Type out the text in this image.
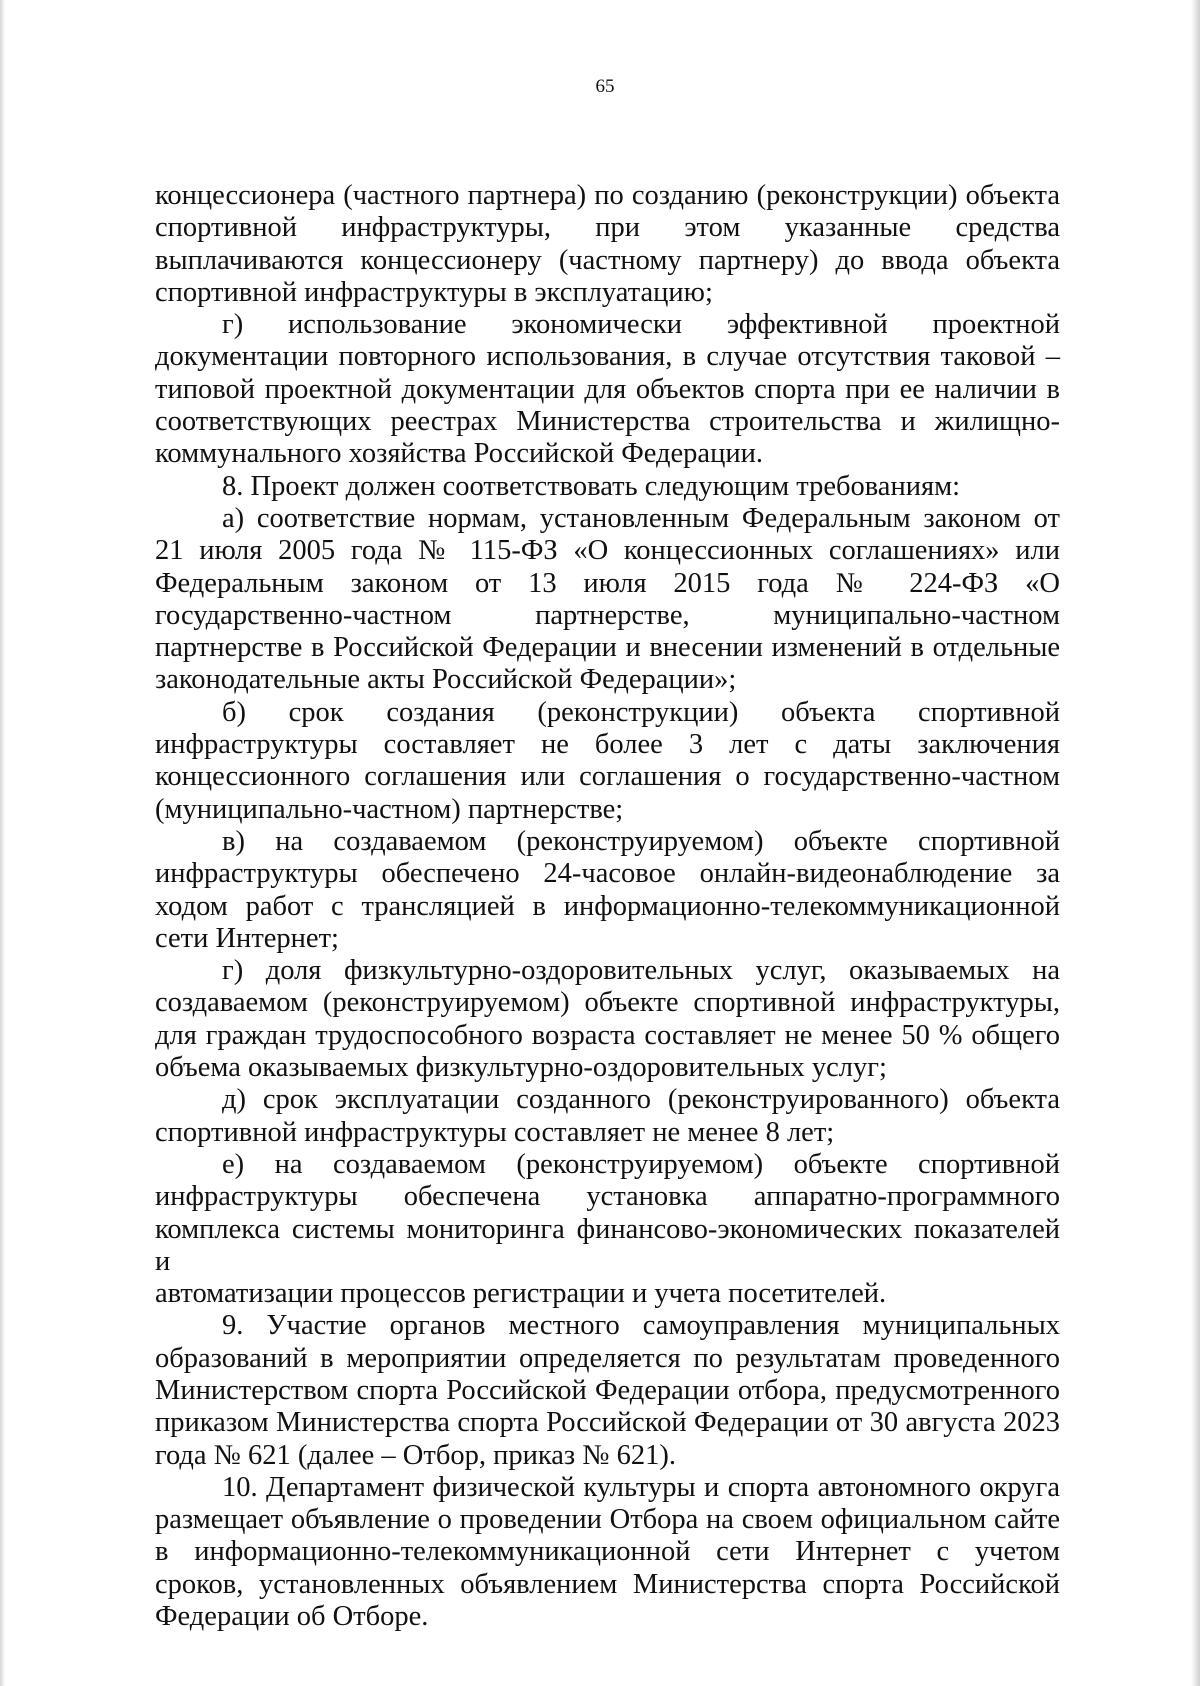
65

концессионера (частного партнера) по созданию (реконструкции) объекта спортивной инфраструктуры, при этом указанные средства выплачиваются концессионеру (частному партнеру) до ввода объекта спортивной инфраструктуры в эксплуатацию;

г) использование экономически эффективной проектной документации повторного использования, в случае отсутствия таковой – типовой проектной документации для объектов спорта при ее наличии в соответствующих реестрах Министерства строительства и жилищно-коммунального хозяйства Российской Федерации.

8. Проект должен соответствовать следующим требованиям:

а) соответствие нормам, установленным Федеральным законом от 21 июля 2005 года № 115-ФЗ «О концессионных соглашениях» или Федеральным законом от 13 июля 2015 года № 224-ФЗ «О государственно-частном партнерстве, муниципально-частном партнерстве в Российской Федерации и внесении изменений в отдельные законодательные акты Российской Федерации»;

б) срок создания (реконструкции) объекта спортивной инфраструктуры составляет не более 3 лет с даты заключения концессионного соглашения или соглашения о государственно-частном (муниципально-частном) партнерстве;

в) на создаваемом (реконструируемом) объекте спортивной инфраструктуры обеспечено 24-часовое онлайн-видеонаблюдение за ходом работ с трансляцией в информационно-телекоммуникационной сети Интернет;

г) доля физкультурно-оздоровительных услуг, оказываемых на создаваемом (реконструируемом) объекте спортивной инфраструктуры, для граждан трудоспособного возраста составляет не менее 50 % общего объема оказываемых физкультурно-оздоровительных услуг;

д) срок эксплуатации созданного (реконструированного) объекта спортивной инфраструктуры составляет не менее 8 лет;

е) на создаваемом (реконструируемом) объекте спортивной инфраструктуры обеспечена установка аппаратно-программного комплекса системы мониторинга финансово-экономических показателей и

автоматизации процессов регистрации и учета посетителей.

9. Участие органов местного самоуправления муниципальных образований в мероприятии определяется по результатам проведенного Министерством спорта Российской Федерации отбора, предусмотренного приказом Министерства спорта Российской Федерации от 30 августа 2023 года № 621 (далее – Отбор, приказ № 621).

10. Департамент физической культуры и спорта автономного округа размещает объявление о проведении Отбора на своем официальном сайте в информационно-телекоммуникационной сети Интернет с учетом сроков, установленных объявлением Министерства спорта Российской Федерации об Отборе.
